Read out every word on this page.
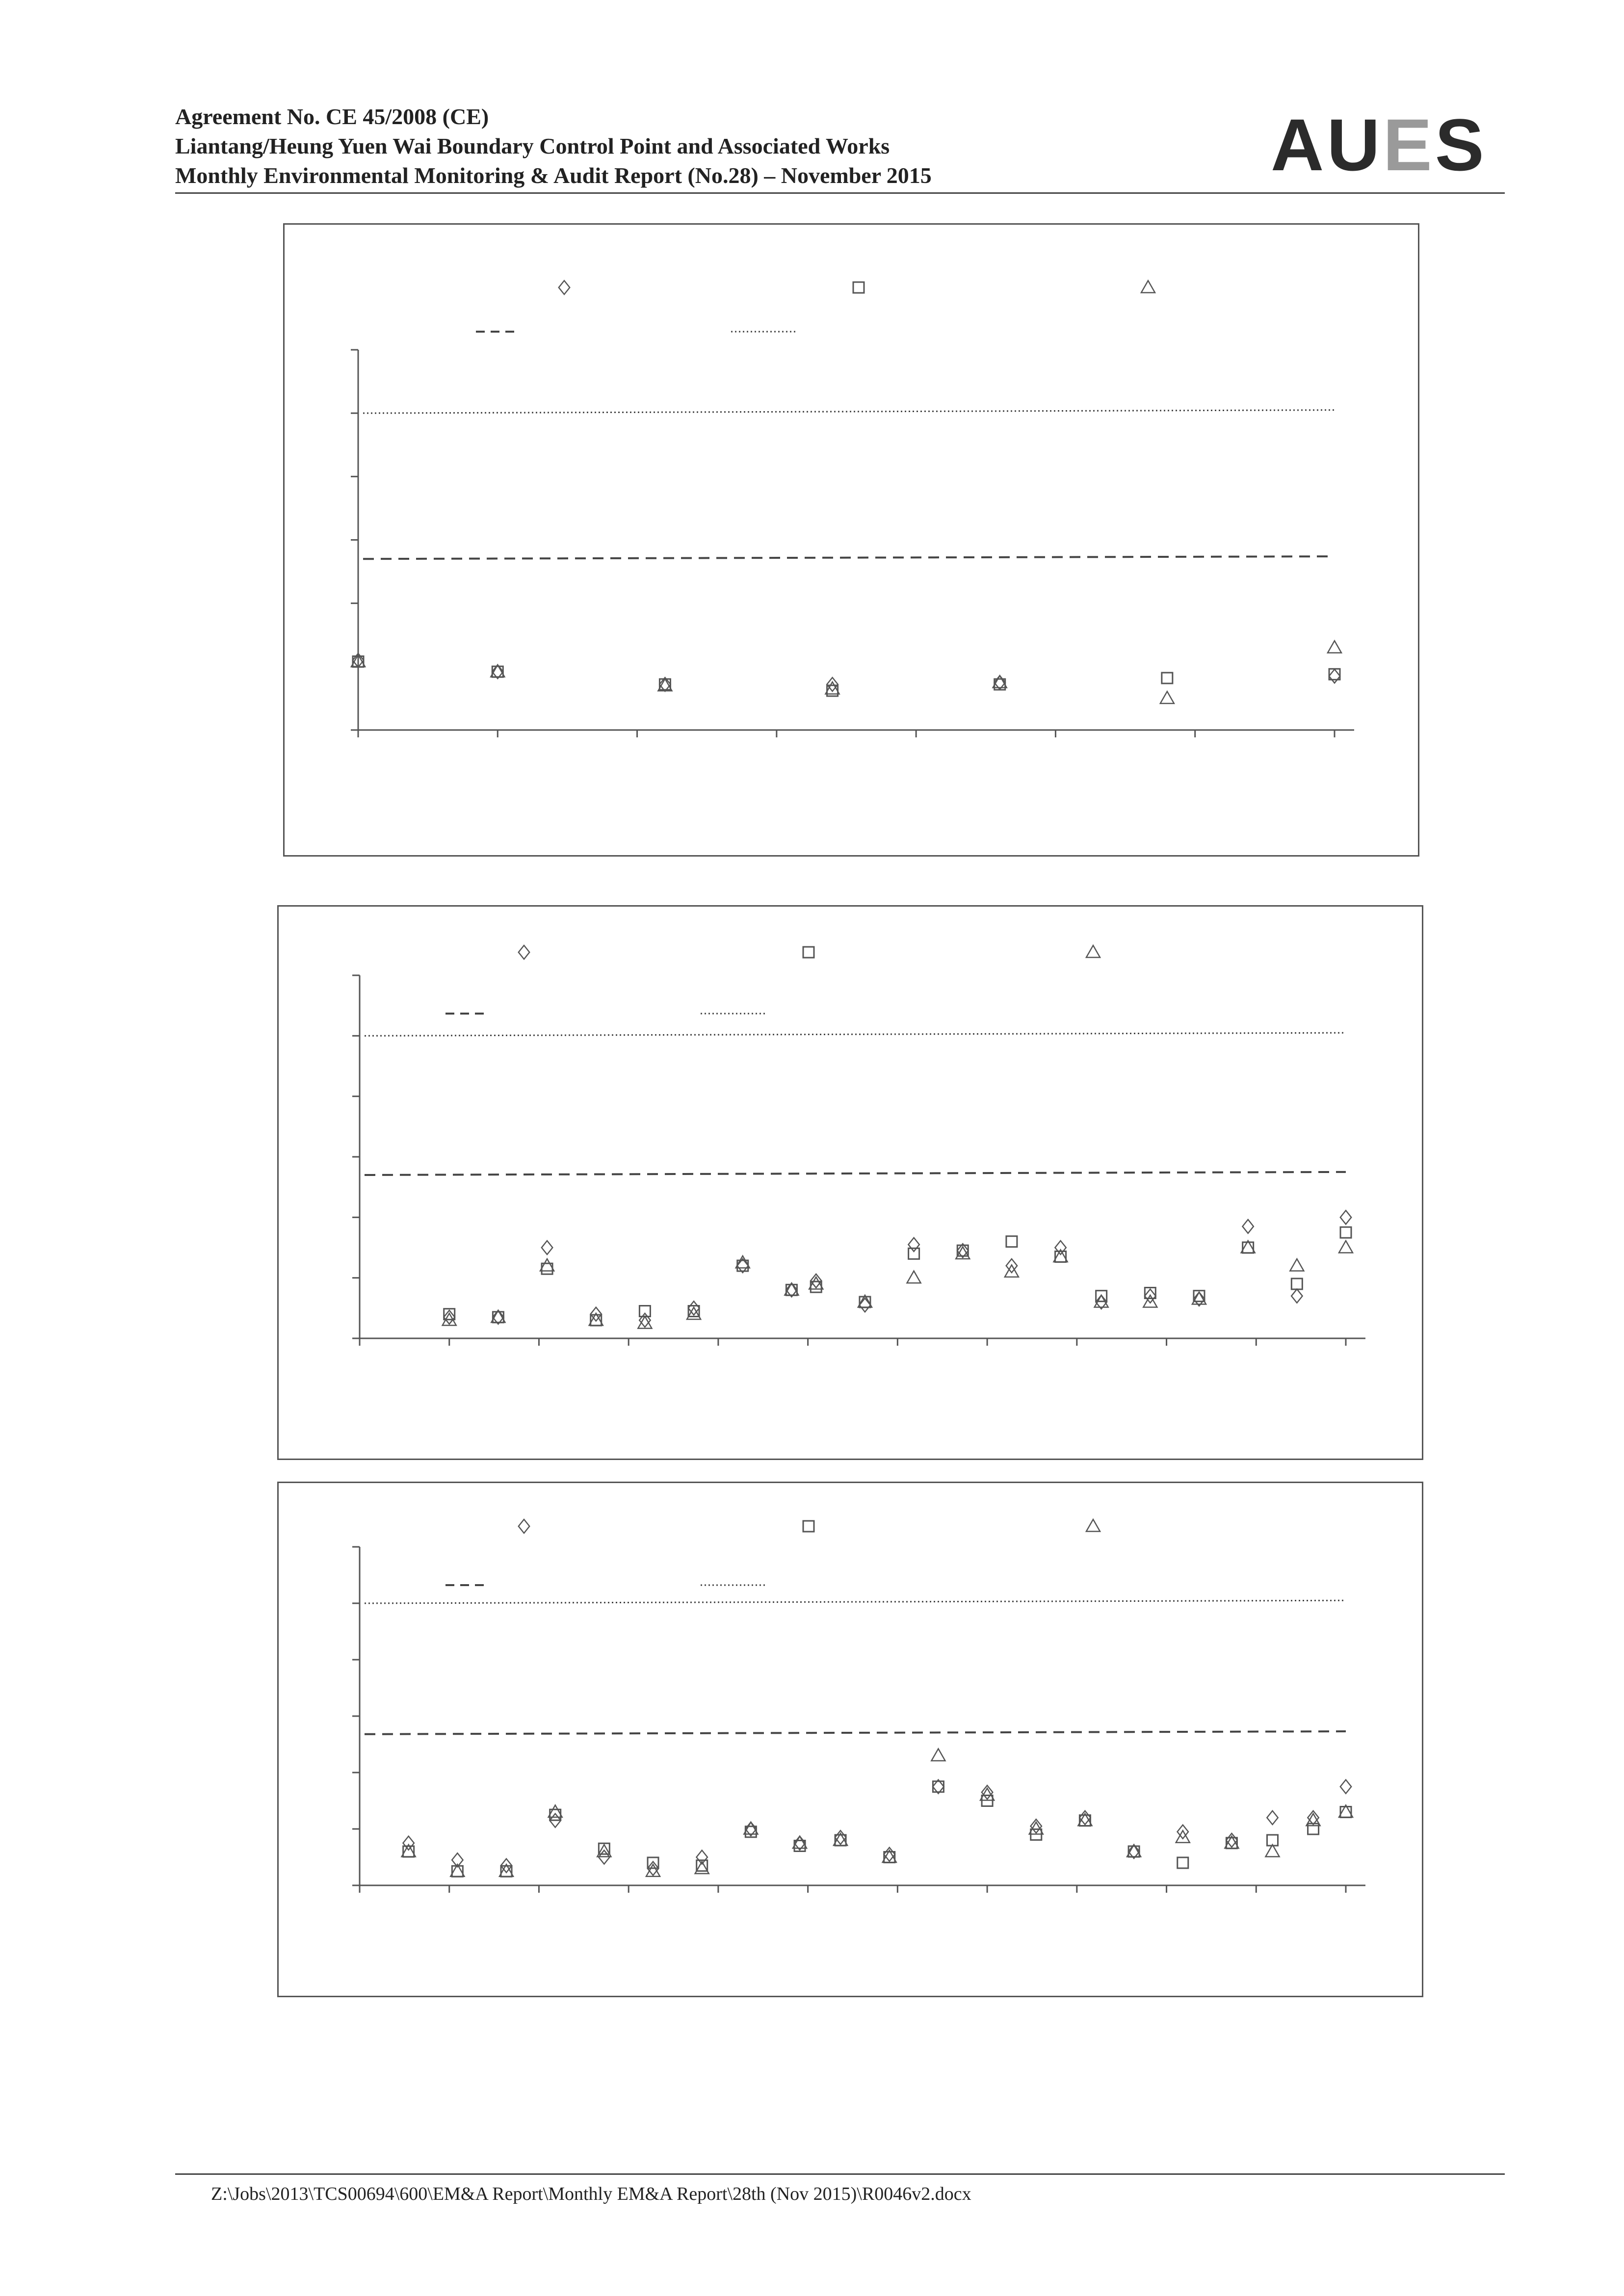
Agreement No. CE 45/2008 (CE)
Liantang/Heung Yuen Wai Boundary Control Point and Associated Works
Monthly Environmental Monitoring & Audit Report (No.28) – November 2015	AUES
Z:\Jobs\2013\TCS00694\600\EM&A Report\Monthly EM&A Report\28th (Nov 2015)\R0046v2.docx
